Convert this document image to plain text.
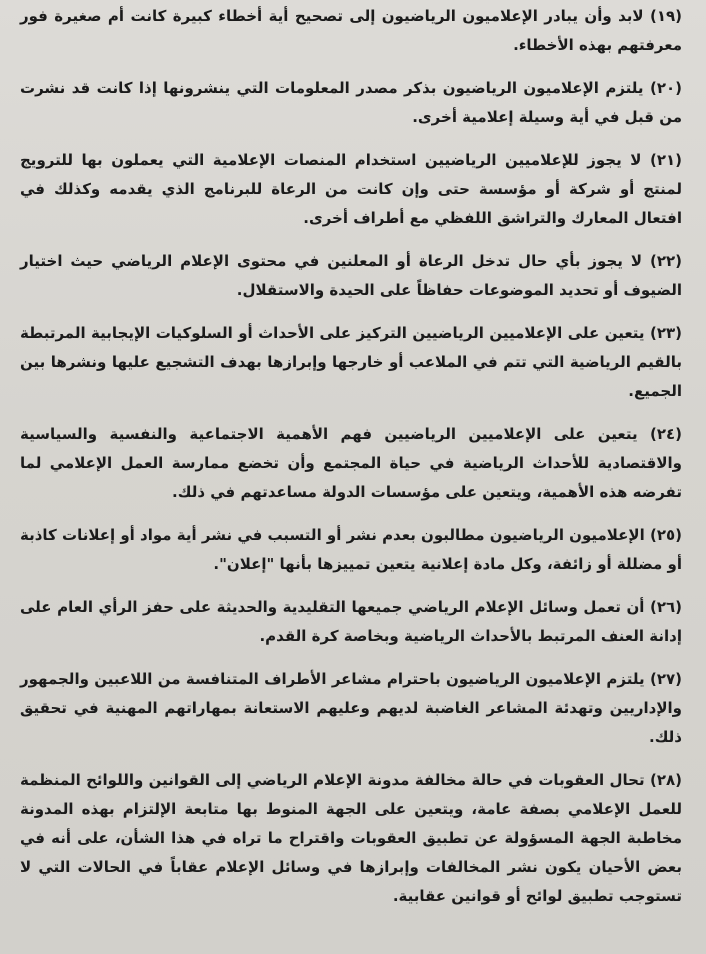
(١٩) لابد وأن يبادر الإعلاميون الرياضيون إلى تصحيح أية أخطاء كبيرة كانت أم صغيرة فور معرفتهم بهذه الأخطاء.

(٢٠) يلتزم الإعلاميون الرياضيون بذكر مصدر المعلومات التي ينشرونها إذا كانت قد نشرت من قبل في أية وسيلة إعلامية أخرى.

(٢١) لا يجوز للإعلاميين الرياضيين استخدام المنصات الإعلامية التي يعملون بها للترويج لمنتج أو شركة أو مؤسسة حتى وإن كانت من الرعاة للبرنامج الذي يقدمه وكذلك في افتعال المعارك والتراشق اللفظي مع أطراف أخرى.

(٢٢) لا يجوز بأي حال تدخل الرعاة أو المعلنين في محتوى الإعلام الرياضي حيث اختيار الضيوف أو تحديد الموضوعات حفاظاً على الحيدة والاستقلال.

(٢٣) يتعين على الإعلاميين الرياضيين التركيز على الأحداث أو السلوكيات الإيجابية المرتبطة بالقيم الرياضية التي تتم في الملاعب أو خارجها وإبرازها بهدف التشجيع عليها ونشرها بين الجميع.

(٢٤) يتعين على الإعلاميين الرياضيين فهم الأهمية الاجتماعية والنفسية والسياسية والاقتصادية للأحداث الرياضية في حياة المجتمع وأن تخضع ممارسة العمل الإعلامي لما تفرضه هذه الأهمية، ويتعين على مؤسسات الدولة مساعدتهم في ذلك.

(٢٥) الإعلاميون الرياضيون مطالبون بعدم نشر أو التسبب في نشر أية مواد أو إعلانات كاذبة أو مضللة أو زائفة، وكل مادة إعلانية يتعين تمييزها بأنها "إعلان".

(٢٦) أن تعمل وسائل الإعلام الرياضي جميعها التقليدية والحديثة على حفز الرأي العام على إدانة العنف المرتبط بالأحداث الرياضية وبخاصة كرة القدم.

(٢٧) يلتزم الإعلاميون الرياضيون باحترام مشاعر الأطراف المتنافسة من اللاعبين والجمهور والإداريين وتهدئة المشاعر الغاضبة لديهم وعليهم الاستعانة بمهاراتهم المهنية في تحقيق ذلك.

(٢٨) تحال العقوبات في حالة مخالفة مدونة الإعلام الرياضي إلى القوانين واللوائح المنظمة للعمل الإعلامي بصفة عامة، ويتعين على الجهة المنوط بها متابعة الإلتزام بهذه المدونة مخاطبة الجهة المسؤولة عن تطبيق العقوبات واقتراح ما تراه في هذا الشأن، على أنه في بعض الأحيان يكون نشر المخالفات وإبرازها في وسائل الإعلام عقاباً في الحالات التي لا تستوجب تطبيق لوائح أو قوانين عقابية.
